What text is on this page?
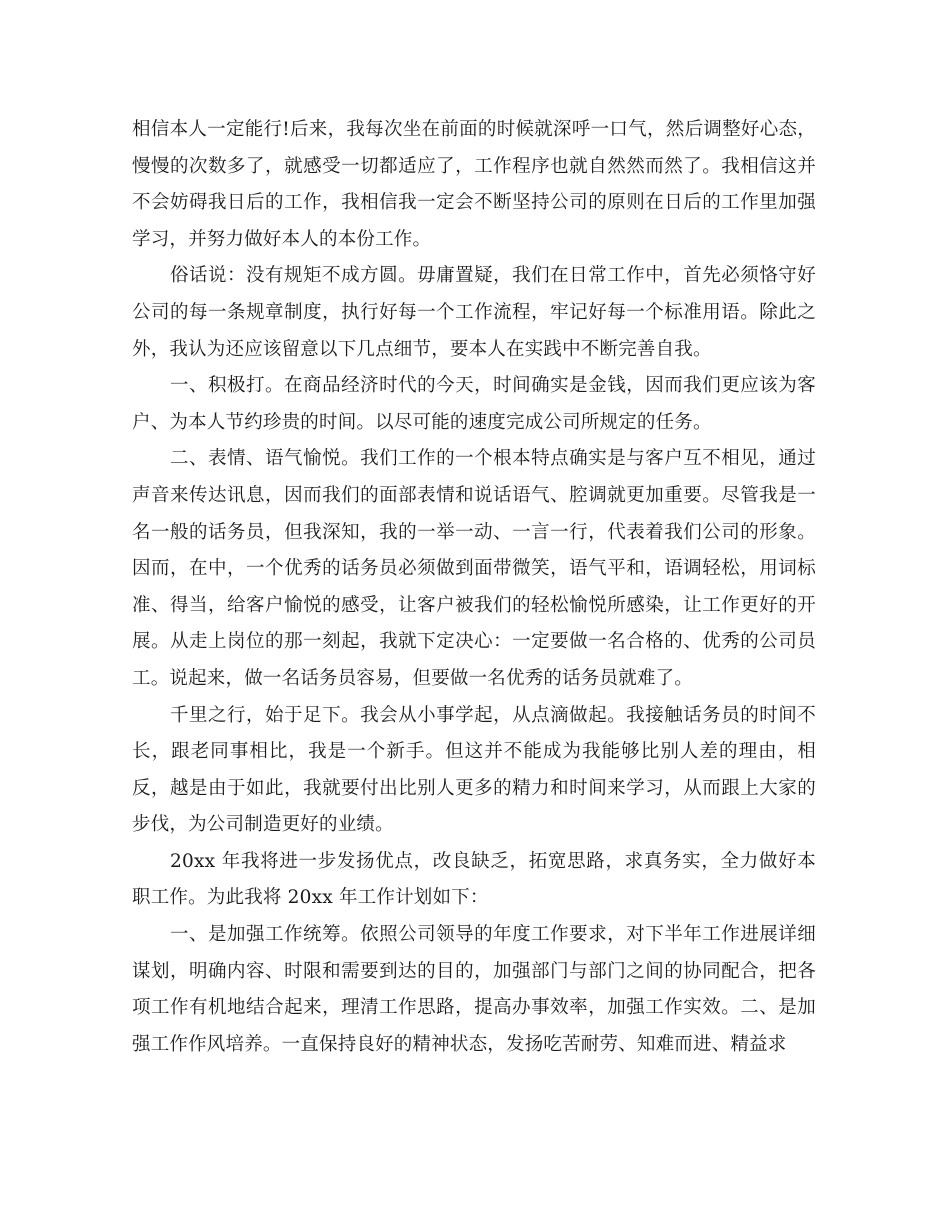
相信本人一定能行!后来，我每次坐在前面的时候就深呼一口气，然后调整好心态，慢慢的次数多了，就感受一切都适应了，工作程序也就自然然而然了。我相信这并不会妨碍我日后的工作，我相信我一定会不断坚持公司的原则在日后的工作里加强学习，并努力做好本人的本份工作。

俗话说：没有规矩不成方圆。毋庸置疑，我们在日常工作中，首先必须恪守好公司的每一条规章制度，执行好每一个工作流程，牢记好每一个标准用语。除此之外，我认为还应该留意以下几点细节，要本人在实践中不断完善自我。

一、积极打。在商品经济时代的今天，时间确实是金钱，因而我们更应该为客户、为本人节约珍贵的时间。以尽可能的速度完成公司所规定的任务。

二、表情、语气愉悦。我们工作的一个根本特点确实是与客户互不相见，通过声音来传达讯息，因而我们的面部表情和说话语气、腔调就更加重要。尽管我是一名一般的话务员，但我深知，我的一举一动、一言一行，代表着我们公司的形象。因而，在中，一个优秀的话务员必须做到面带微笑，语气平和，语调轻松，用词标准、得当，给客户愉悦的感受，让客户被我们的轻松愉悦所感染，让工作更好的开展。从走上岗位的那一刻起，我就下定决心：一定要做一名合格的、优秀的公司员工。说起来，做一名话务员容易，但要做一名优秀的话务员就难了。

千里之行，始于足下。我会从小事学起，从点滴做起。我接触话务员的时间不长，跟老同事相比，我是一个新手。但这并不能成为我能够比别人差的理由，相反，越是由于如此，我就要付出比别人更多的精力和时间来学习，从而跟上大家的步伐，为公司制造更好的业绩。

20xx 年我将进一步发扬优点，改良缺乏，拓宽思路，求真务实，全力做好本职工作。为此我将 20xx 年工作计划如下：

一、是加强工作统筹。依照公司领导的年度工作要求，对下半年工作进展详细谋划，明确内容、时限和需要到达的目的，加强部门与部门之间的协同配合，把各项工作有机地结合起来，理清工作思路，提高办事效率，加强工作实效。二、是加强工作作风培养。一直保持良好的精神状态，发扬吃苦耐劳、知难而进、精益求
